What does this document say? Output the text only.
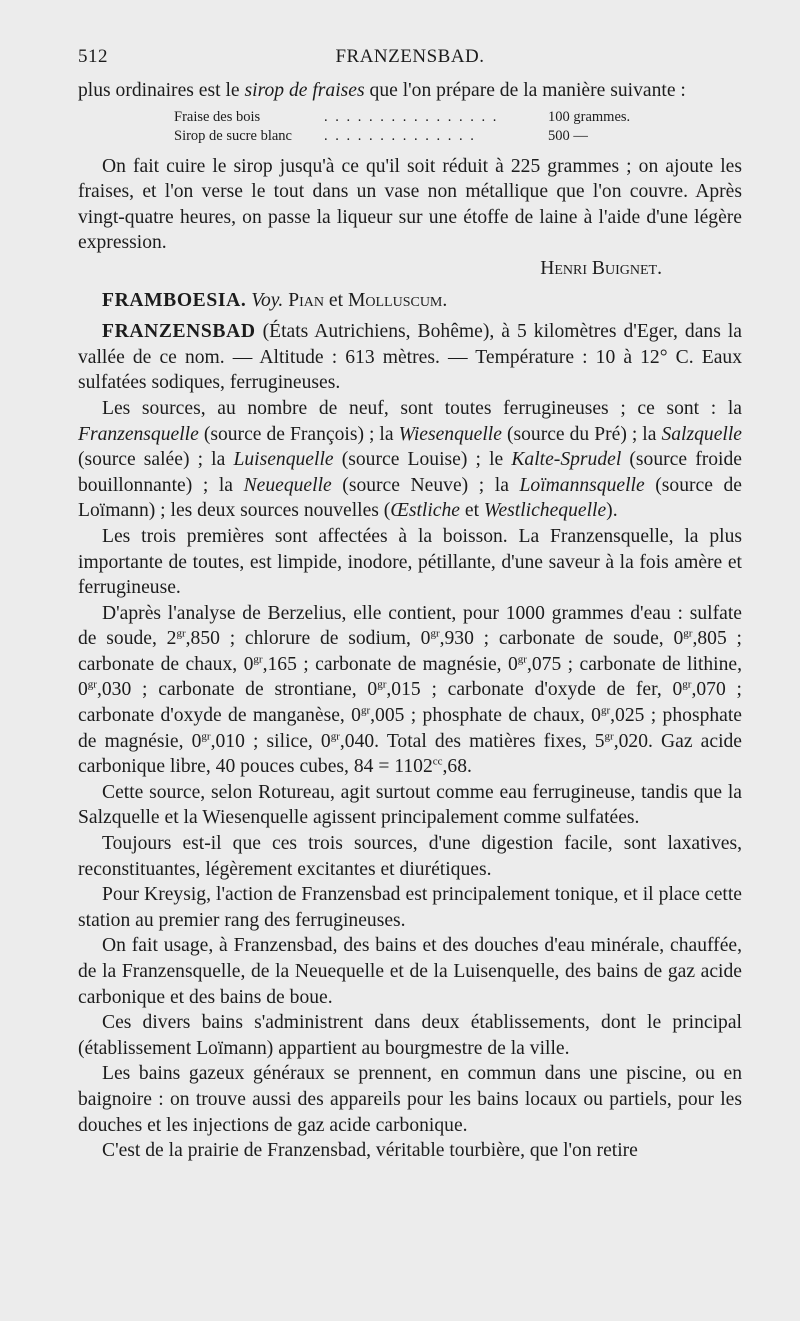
512	FRANZENSBAD.

plus ordinaires est le sirop de fraises que l'on prépare de la manière suivante :

Fraise des bois	. . . . . . . . . . . . . . . .	100 grammes.
Sirop de sucre blanc	. . . . . . . . . . . . . .	500 —

On fait cuire le sirop jusqu'à ce qu'il soit réduit à 225 grammes ; on ajoute les fraises, et l'on verse le tout dans un vase non métallique que l'on couvre. Après vingt-quatre heures, on passe la liqueur sur une étoffe de laine à l'aide d'une légère expression.

Henri Buignet.

FRAMBOESIA. Voy. Pian et Molluscum.

FRANZENSBAD (États Autrichiens, Bohême), à 5 kilomètres d'Eger, dans la vallée de ce nom. — Altitude : 613 mètres. — Température : 10 à 12° C. Eaux sulfatées sodiques, ferrugineuses.

Les sources, au nombre de neuf, sont toutes ferrugineuses ; ce sont : la Franzensquelle (source de François) ; la Wiesenquelle (source du Pré) ; la Salzquelle (source salée) ; la Luisenquelle (source Louise) ; le Kalte-Sprudel (source froide bouillonnante) ; la Neuequelle (source Neuve) ; la Loïmannsquelle (source de Loïmann) ; les deux sources nouvelles (Œstliche et Westlichequelle).

Les trois premières sont affectées à la boisson. La Franzensquelle, la plus importante de toutes, est limpide, inodore, pétillante, d'une saveur à la fois amère et ferrugineuse.

D'après l'analyse de Berzelius, elle contient, pour 1000 grammes d'eau : sulfate de soude, $2^{gr},850$ ; chlorure de sodium, $0^{gr},930$ ; carbonate de soude, $0^{gr},805$ ; carbonate de chaux, $0^{gr},165$ ; carbonate de magnésie, $0^{gr},075$ ; carbonate de lithine, $0^{gr},030$ ; carbonate de strontiane, $0^{gr},015$ ; carbonate d'oxyde de fer, $0^{gr},070$ ; carbonate d'oxyde de manganèse, $0^{gr},005$ ; phosphate de chaux, $0^{gr},025$ ; phosphate de magnésie, $0^{gr},010$ ; silice, $0^{gr},040$. Total des matières fixes, $5^{gr},020$. Gaz acide carbonique libre, 40 pouces cubes, $84 = 1102^{cc},68$.

Cette source, selon Rotureau, agit surtout comme eau ferrugineuse, tandis que la Salzquelle et la Wiesenquelle agissent principalement comme sulfatées.

Toujours est-il que ces trois sources, d'une digestion facile, sont laxatives, reconstituantes, légèrement excitantes et diurétiques.

Pour Kreysig, l'action de Franzensbad est principalement tonique, et il place cette station au premier rang des ferrugineuses.

On fait usage, à Franzensbad, des bains et des douches d'eau minérale, chauffée, de la Franzensquelle, de la Neuequelle et de la Luisenquelle, des bains de gaz acide carbonique et des bains de boue.

Ces divers bains s'administrent dans deux établissements, dont le principal (établissement Loïmann) appartient au bourgmestre de la ville.

Les bains gazeux généraux se prennent, en commun dans une piscine, ou en baignoire : on trouve aussi des appareils pour les bains locaux ou partiels, pour les douches et les injections de gaz acide carbonique.

C'est de la prairie de Franzensbad, véritable tourbière, que l'on retire
